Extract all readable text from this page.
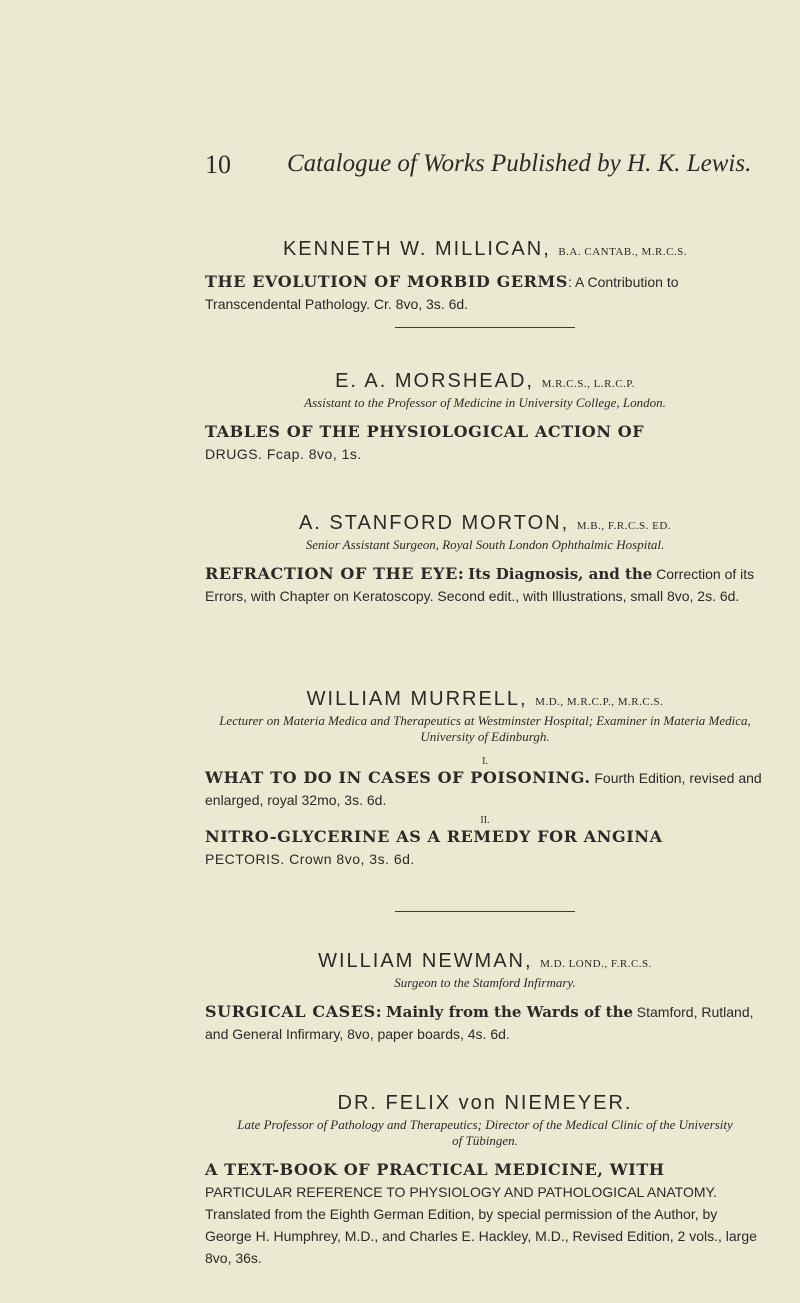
10 Catalogue of Works Published by H. K. Lewis.
KENNETH W. MILLICAN, B.A. CANTAB., M.R.C.S.
THE EVOLUTION OF MORBID GERMS: A Contribution to Transcendental Pathology. Cr. 8vo, 3s. 6d.
E. A. MORSHEAD, M.R.C.S., L.R.C.P.
Assistant to the Professor of Medicine in University College, London.
TABLES OF THE PHYSIOLOGICAL ACTION OF
DRUGS. Fcap. 8vo, 1s.
A. STANFORD MORTON, M.B., F.R.C.S. ED.
Senior Assistant Surgeon, Royal South London Ophthalmic Hospital.
REFRACTION OF THE EYE: Its Diagnosis, and the Correction of its Errors, with Chapter on Keratoscopy. Second edit., with Illustrations, small 8vo, 2s. 6d.
WILLIAM MURRELL, M.D., M.R.C.P., M.R.C.S.
Lecturer on Materia Medica and Therapeutics at Westminster Hospital; Examiner in Materia Medica, University of Edinburgh.
I.
WHAT TO DO IN CASES OF POISONING. Fourth Edition, revised and enlarged, royal 32mo, 3s. 6d.
II.
NITRO-GLYCERINE AS A REMEDY FOR ANGINA
PECTORIS. Crown 8vo, 3s. 6d.
WILLIAM NEWMAN, M.D. LOND., F.R.C.S.
Surgeon to the Stamford Infirmary.
SURGICAL CASES: Mainly from the Wards of the Stamford, Rutland, and General Infirmary, 8vo, paper boards, 4s. 6d.
DR. FELIX von NIEMEYER.
Late Professor of Pathology and Therapeutics; Director of the Medical Clinic of the University of Tübingen.
A TEXT-BOOK OF PRACTICAL MEDICINE, WITH
PARTICULAR REFERENCE TO PHYSIOLOGY AND PATHOLOGICAL ANATOMY. Translated from the Eighth German Edition, by special permission of the Author, by George H. Humphrey, M.D., and Charles E. Hackley, M.D., Revised Edition, 2 vols., large 8vo, 36s.
